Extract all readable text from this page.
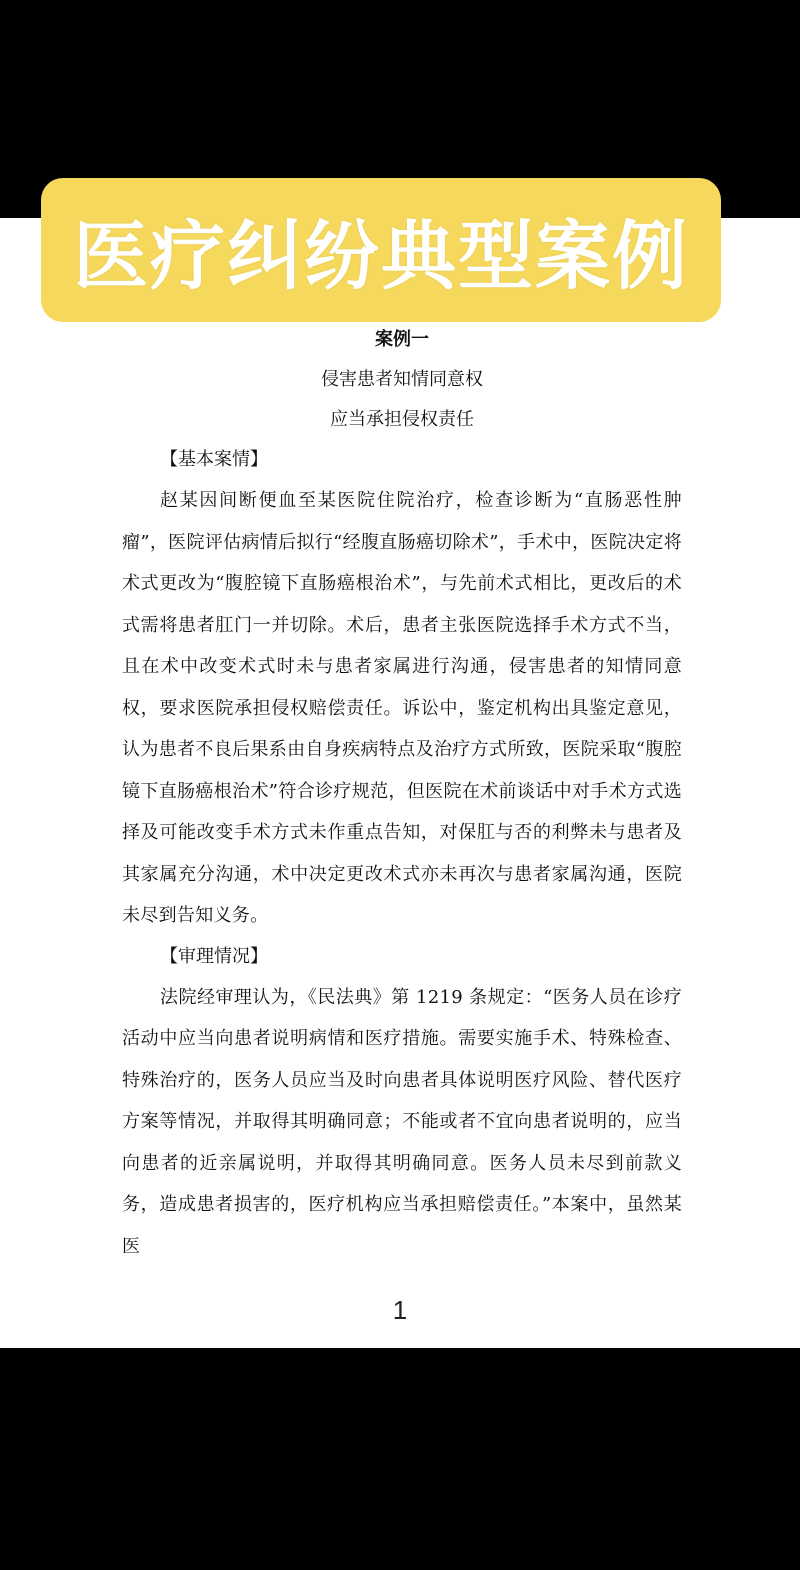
医疗纠纷典型案例
案例一
侵害患者知情同意权
应当承担侵权责任
【基本案情】

赵某因间断便血至某医院住院治疗，检查诊断为“直肠恶性肿瘤”，医院评估病情后拟行“经腹直肠癌切除术”，手术中，医院决定将术式更改为“腹腔镜下直肠癌根治术”，与先前术式相比，更改后的术式需将患者肛门一并切除。术后，患者主张医院选择手术方式不当，且在术中改变术式时未与患者家属进行沟通，侵害患者的知情同意权，要求医院承担侵权赔偿责任。诉讼中，鉴定机构出具鉴定意见，认为患者不良后果系由自身疾病特点及治疗方式所致，医院采取“腹腔镜下直肠癌根治术”符合诊疗规范，但医院在术前谈话中对手术方式选择及可能改变手术方式未作重点告知，对保肛与否的利弊未与患者及其家属充分沟通，术中决定更改术式亦未再次与患者家属沟通，医院未尽到告知义务。

【审理情况】

法院经审理认为，《民法典》第 1219 条规定：“医务人员在诊疗活动中应当向患者说明病情和医疗措施。需要实施手术、特殊检查、特殊治疗的，医务人员应当及时向患者具体说明医疗风险、替代医疗方案等情况，并取得其明确同意；不能或者不宜向患者说明的，应当向患者的近亲属说明，并取得其明确同意。医务人员未尽到前款义务，造成患者损害的，医疗机构应当承担赔偿责任。”本案中，虽然某医

1
